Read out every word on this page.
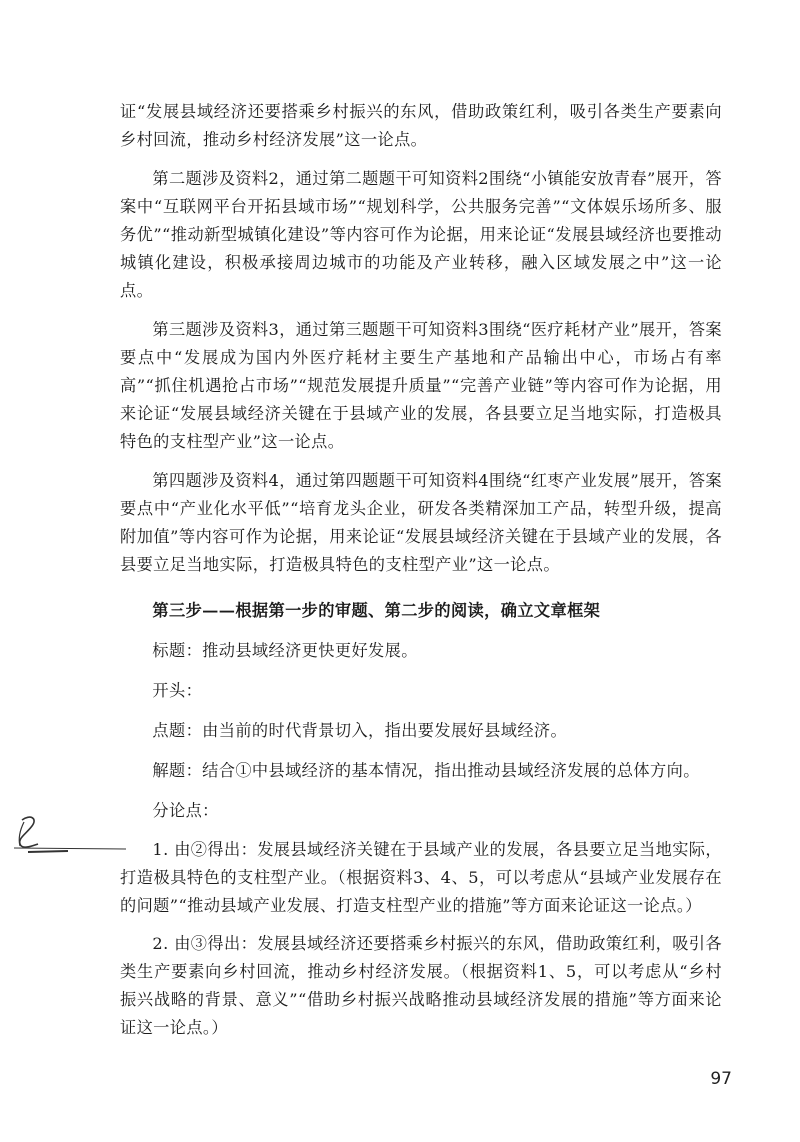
证“发展县域经济还要搭乘乡村振兴的东风，借助政策红利，吸引各类生产要素向乡村回流，推动乡村经济发展”这一论点。

第二题涉及资料2，通过第二题题干可知资料2围绕“小镇能安放青春”展开，答案中“互联网平台开拓县域市场”“规划科学，公共服务完善”“文体娱乐场所多、服务优”“推动新型城镇化建设”等内容可作为论据，用来论证“发展县域经济也要推动城镇化建设，积极承接周边城市的功能及产业转移，融入区域发展之中”这一论点。

第三题涉及资料3，通过第三题题干可知资料3围绕“医疗耗材产业”展开，答案要点中“发展成为国内外医疗耗材主要生产基地和产品输出中心，市场占有率高”“抓住机遇抢占市场”“规范发展提升质量”“完善产业链”等内容可作为论据，用来论证“发展县域经济关键在于县域产业的发展，各县要立足当地实际，打造极具特色的支柱型产业”这一论点。

第四题涉及资料4，通过第四题题干可知资料4围绕“红枣产业发展”展开，答案要点中“产业化水平低”“培育龙头企业，研发各类精深加工产品，转型升级，提高附加值”等内容可作为论据，用来论证“发展县域经济关键在于县域产业的发展，各县要立足当地实际，打造极具特色的支柱型产业”这一论点。

第三步——根据第一步的审题、第二步的阅读，确立文章框架

标题：推动县域经济更快更好发展。

开头：

点题：由当前的时代背景切入，指出要发展好县域经济。

解题：结合①中县域经济的基本情况，指出推动县域经济发展的总体方向。

分论点：

1. 由②得出：发展县域经济关键在于县域产业的发展，各县要立足当地实际，打造极具特色的支柱型产业。（根据资料3、4、5，可以考虑从“县域产业发展存在的问题”“推动县域产业发展、打造支柱型产业的措施”等方面来论证这一论点。）

2. 由③得出：发展县域经济还要搭乘乡村振兴的东风，借助政策红利，吸引各类生产要素向乡村回流，推动乡村经济发展。（根据资料1、5，可以考虑从“乡村振兴战略的背景、意义”“借助乡村振兴战略推动县域经济发展的措施”等方面来论证这一论点。）

97
